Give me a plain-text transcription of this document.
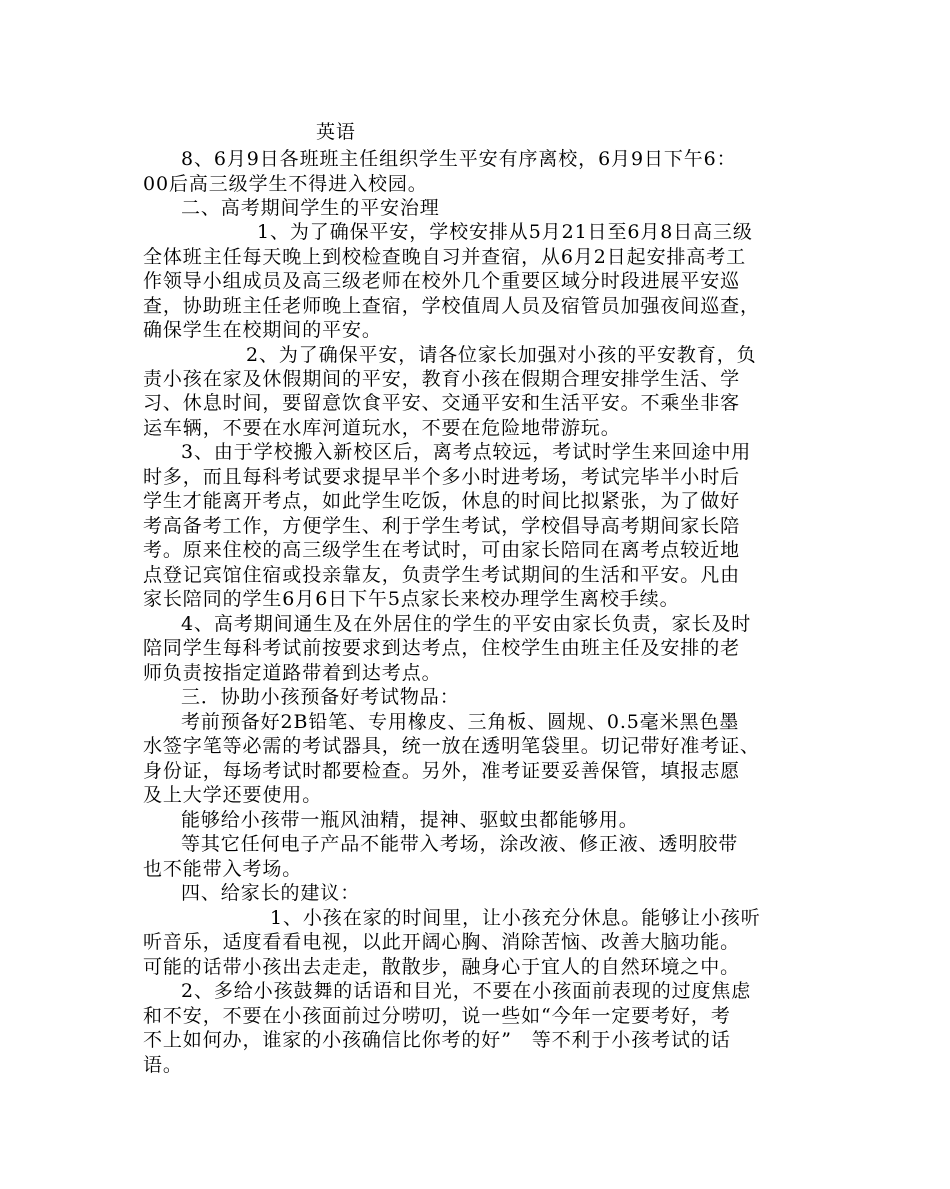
英语
8、6月9日各班班主任组织学生平安有序离校，6月9日下午6：
00后高三级学生不得进入校园。
二、高考期间学生的平安治理
1、为了确保平安，学校安排从5月21日至6月8日高三级
全体班主任每天晚上到校检查晚自习并查宿，从6月2日起安排高考工
作领导小组成员及高三级老师在校外几个重要区域分时段进展平安巡
查，协助班主任老师晚上查宿，学校值周人员及宿管员加强夜间巡查，
确保学生在校期间的平安。
2、为了确保平安，请各位家长加强对小孩的平安教育，负
责小孩在家及休假期间的平安，教育小孩在假期合理安排学生活、学
习、休息时间，要留意饮食平安、交通平安和生活平安。不乘坐非客
运车辆，不要在水库河道玩水，不要在危险地带游玩。
3、由于学校搬入新校区后，离考点较远，考试时学生来回途中用
时多，而且每科考试要求提早半个多小时进考场，考试完毕半小时后
学生才能离开考点，如此学生吃饭，休息的时间比拟紧张，为了做好
考高备考工作，方便学生、利于学生考试，学校倡导高考期间家长陪
考。原来住校的高三级学生在考试时，可由家长陪同在离考点较近地
点登记宾馆住宿或投亲靠友，负责学生考试期间的生活和平安。凡由
家长陪同的学生6月6日下午5点家长来校办理学生离校手续。
4、高考期间通生及在外居住的学生的平安由家长负责，家长及时
陪同学生每科考试前按要求到达考点，住校学生由班主任及安排的老
师负责按指定道路带着到达考点。
三．协助小孩预备好考试物品：
考前预备好2B铅笔、专用橡皮、三角板、圆规、0.5毫米黑色墨
水签字笔等必需的考试器具，统一放在透明笔袋里。切记带好准考证、
身份证，每场考试时都要检查。另外，准考证要妥善保管，填报志愿
及上大学还要使用。
能够给小孩带一瓶风油精，提神、驱蚊虫都能够用。
等其它任何电子产品不能带入考场，涂改液、修正液、透明胶带
也不能带入考场。
四、给家长的建议：
1、小孩在家的时间里，让小孩充分休息。能够让小孩听
听音乐，适度看看电视，以此开阔心胸、消除苦恼、改善大脑功能。
可能的话带小孩出去走走，散散步，融身心于宜人的自然环境之中。
2、多给小孩鼓舞的话语和目光，不要在小孩面前表现的过度焦虑
和不安，不要在小孩面前过分唠叨，说一些如“今年一定要考好，考
不上如何办，谁家的小孩确信比你考的好”　等不利于小孩考试的话
语。
